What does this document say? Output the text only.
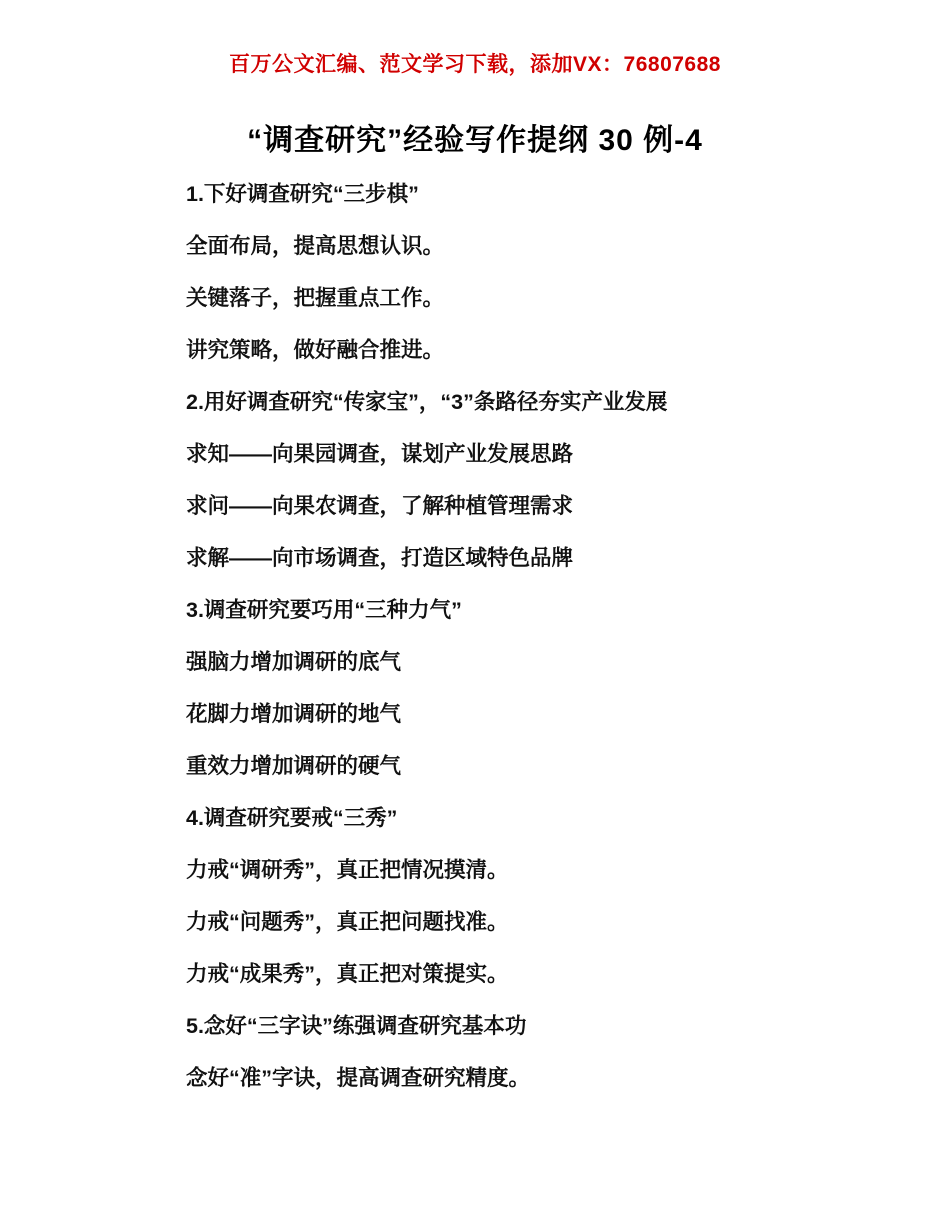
百万公文汇编、范文学习下载，添加VX：76807688
“调查研究”经验写作提纲 30 例-4
1.下好调查研究“三步棋”
全面布局，提高思想认识。
关键落子，把握重点工作。
讲究策略，做好融合推进。
2.用好调查研究“传家宝”，“3”条路径夯实产业发展
求知——向果园调查，谋划产业发展思路
求问——向果农调查，了解种植管理需求
求解——向市场调查，打造区域特色品牌
3.调查研究要巧用“三种力气”
强脑力增加调研的底气
花脚力增加调研的地气
重效力增加调研的硬气
4.调查研究要戒“三秀”
力戒“调研秀”，真正把情况摸清。
力戒“问题秀”，真正把问题找准。
力戒“成果秀”，真正把对策提实。
5.念好“三字诀”练强调查研究基本功
念好“准”字诀，提高调查研究精度。
